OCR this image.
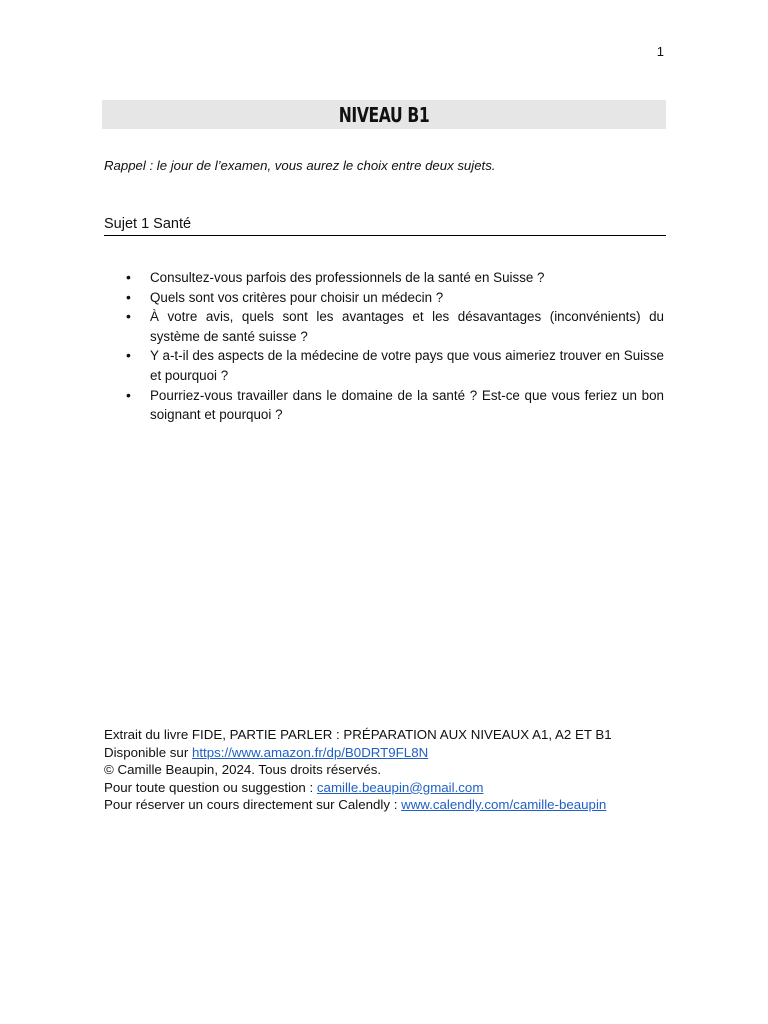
1
NIVEAU B1
Rappel : le jour de l’examen, vous aurez le choix entre deux sujets.
Sujet 1 Santé
• Consultez-vous parfois des professionnels de la santé en Suisse ?
• Quels sont vos critères pour choisir un médecin ?
• À votre avis, quels sont les avantages et les désavantages (inconvénients) du système de santé suisse ?
• Y a-t-il des aspects de la médecine de votre pays que vous aimeriez trouver en Suisse et pourquoi ?
• Pourriez-vous travailler dans le domaine de la santé ? Est-ce que vous feriez un bon soignant et pourquoi ?
Extrait du livre FIDE, PARTIE PARLER : PRÉPARATION AUX NIVEAUX A1, A2 ET B1
Disponible sur https://www.amazon.fr/dp/B0DRT9FL8N
© Camille Beaupin, 2024. Tous droits réservés.
Pour toute question ou suggestion : camille.beaupin@gmail.com
Pour réserver un cours directement sur Calendly : www.calendly.com/camille-beaupin
